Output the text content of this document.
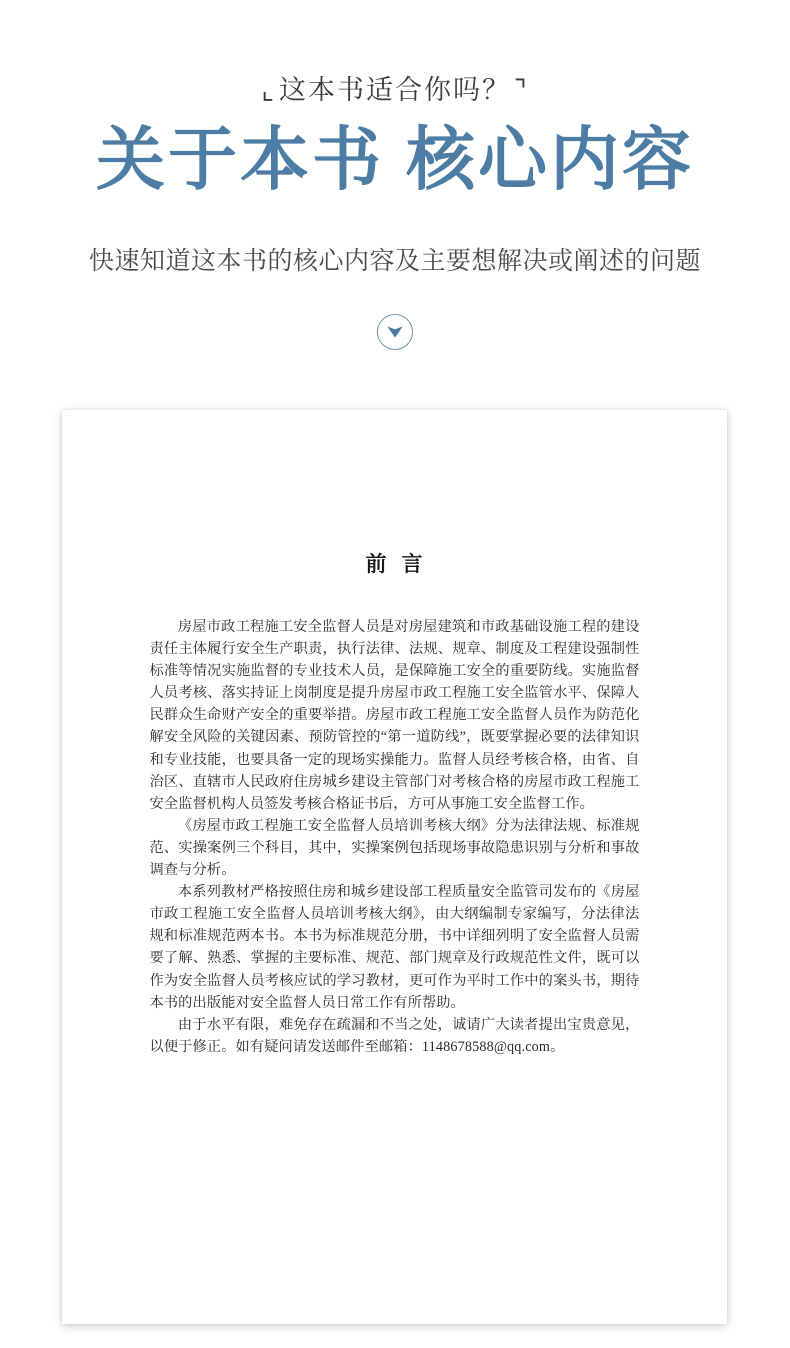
⌞ 这本书适合你吗？ ⌝
关于本书 核心内容
快速知道这本书的核心内容及主要想解决或阐述的问题
前 言

房屋市政工程施工安全监督人员是对房屋建筑和市政基础设施工程的建设责任主体履行安全生产职责，执行法律、法规、规章、制度及工程建设强制性标准等情况实施监督的专业技术人员，是保障施工安全的重要防线。实施监督人员考核、落实持证上岗制度是提升房屋市政工程施工安全监管水平、保障人民群众生命财产安全的重要举措。房屋市政工程施工安全监督人员作为防范化解安全风险的关键因素、预防管控的“第一道防线”，既要掌握必要的法律知识和专业技能，也要具备一定的现场实操能力。监督人员经考核合格，由省、自治区、直辖市人民政府住房城乡建设主管部门对考核合格的房屋市政工程施工安全监督机构人员签发考核合格证书后，方可从事施工安全监督工作。

《房屋市政工程施工安全监督人员培训考核大纲》分为法律法规、标准规范、实操案例三个科目，其中，实操案例包括现场事故隐患识别与分析和事故调查与分析。

本系列教材严格按照住房和城乡建设部工程质量安全监管司发布的《房屋市政工程施工安全监督人员培训考核大纲》，由大纲编制专家编写，分法律法规和标准规范两本书。本书为标准规范分册，书中详细列明了安全监督人员需要了解、熟悉、掌握的主要标准、规范、部门规章及行政规范性文件，既可以作为安全监督人员考核应试的学习教材，更可作为平时工作中的案头书，期待本书的出版能对安全监督人员日常工作有所帮助。

由于水平有限，难免存在疏漏和不当之处，诚请广大读者提出宝贵意见，以便于修正。如有疑问请发送邮件至邮箱：1148678588@qq.com。
